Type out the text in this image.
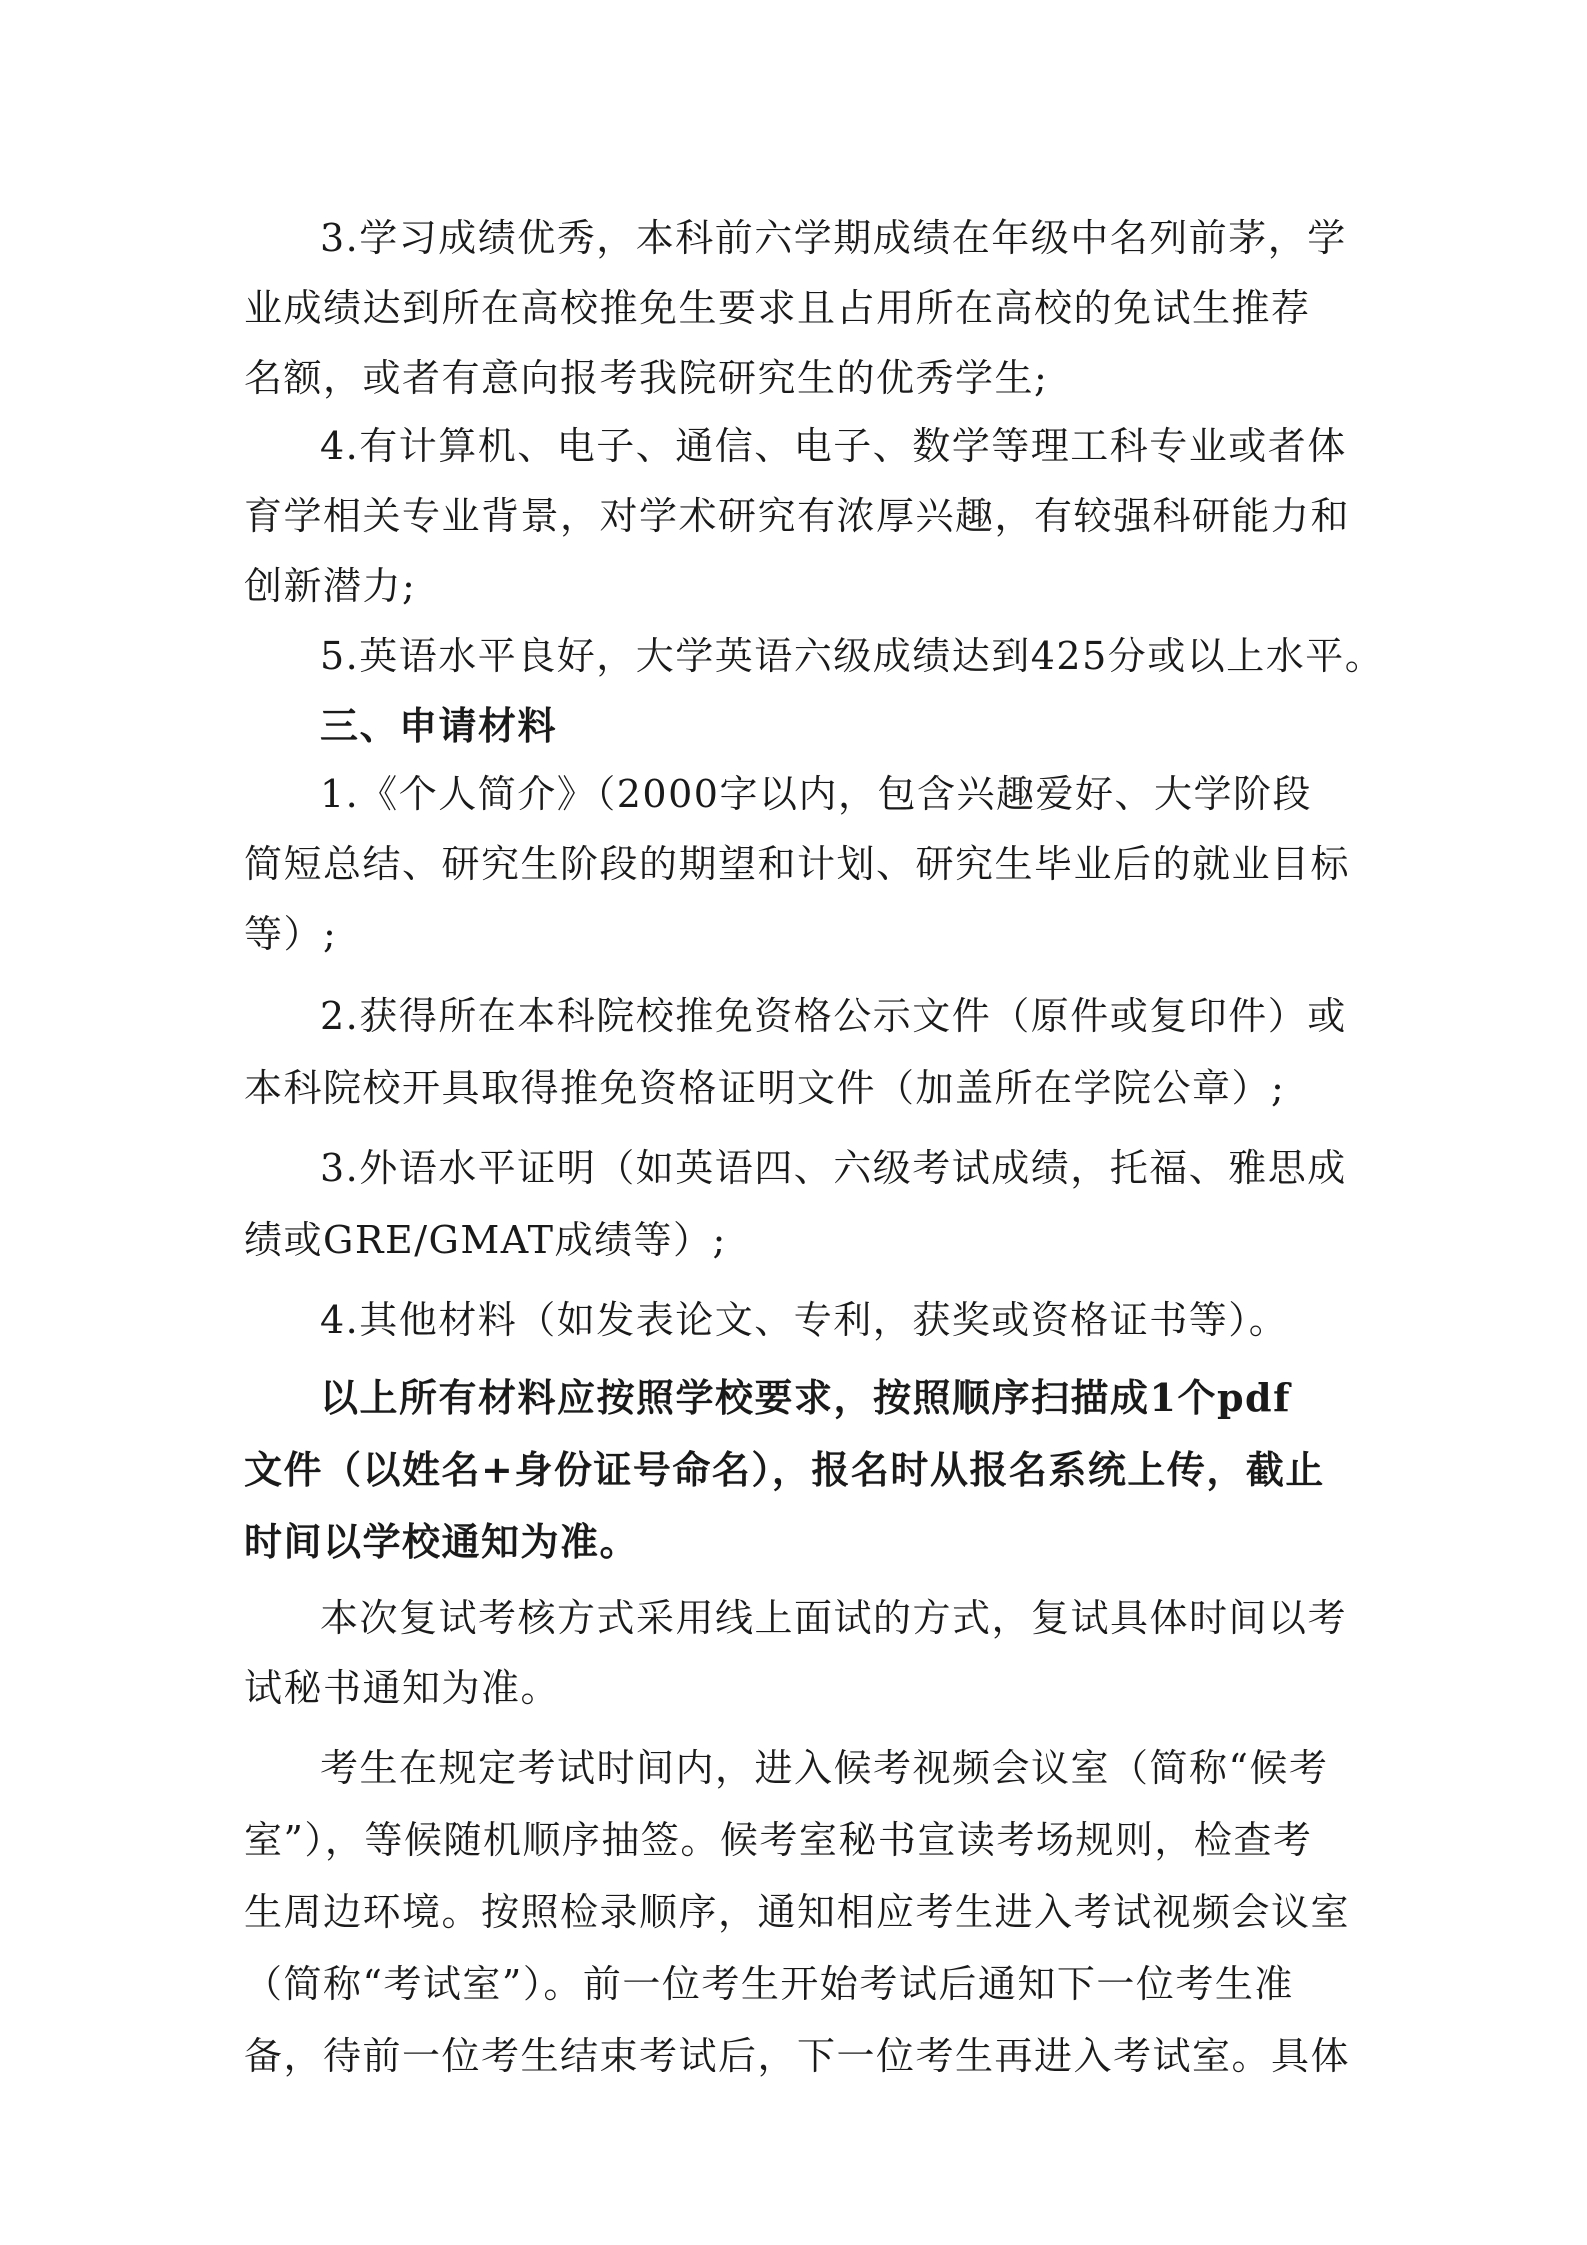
3.学习成绩优秀，本科前六学期成绩在年级中名列前茅，学
业成绩达到所在高校推免生要求且占用所在高校的免试生推荐
名额，或者有意向报考我院研究生的优秀学生;
4.有计算机、电子、通信、电子、数学等理工科专业或者体
育学相关专业背景，对学术研究有浓厚兴趣，有较强科研能力和
创新潜力;
5.英语水平良好，大学英语六级成绩达到425分或以上水平。
三、申请材料
1.《个人简介》（2000字以内，包含兴趣爱好、大学阶段
简短总结、研究生阶段的期望和计划、研究生毕业后的就业目标
等）;
2.获得所在本科院校推免资格公示文件（原件或复印件）或
本科院校开具取得推免资格证明文件（加盖所在学院公章）;
3.外语水平证明（如英语四、六级考试成绩，托福、雅思成
绩或GRE/GMAT成绩等）;
4.其他材料（如发表论文、专利，获奖或资格证书等）。
以上所有材料应按照学校要求，按照顺序扫描成1个pdf
文件（以姓名+身份证号命名），报名时从报名系统上传，截止
时间以学校通知为准。
本次复试考核方式采用线上面试的方式，复试具体时间以考
试秘书通知为准。
考生在规定考试时间内，进入候考视频会议室（简称“候考
室”），等候随机顺序抽签。候考室秘书宣读考场规则，检查考
生周边环境。按照检录顺序，通知相应考生进入考试视频会议室
（简称“考试室”）。前一位考生开始考试后通知下一位考生准
备，待前一位考生结束考试后，下一位考生再进入考试室。具体
